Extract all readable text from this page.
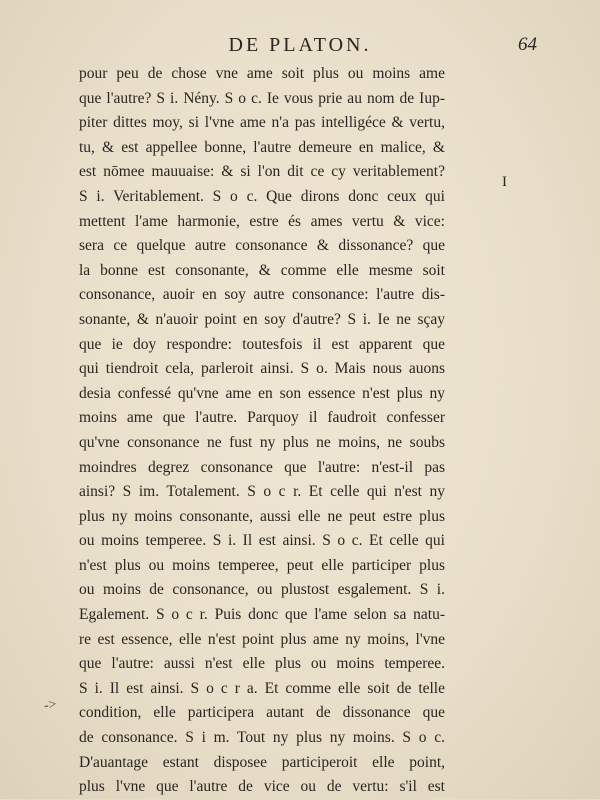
DE PLATON.	64
pour peu de chose vne ame soit plus ou moins ame
que l'autre? S i. Nény. S o c. Ie vous prie au nom de Iup-
piter dittes moy, si l'vne ame n'a pas intelligéce & vertu,
tu, & est appellee bonne, l'autre demeure en malice, &
est nōmee mauuaise: & si l'on dit ce cy veritablement?
S i. Veritablement. S o c. Que dirons donc ceux qui
mettent l'ame harmonie, estre és ames vertu & vice:
sera ce quelque autre consonance & dissonance? que
la bonne est consonante, & comme elle mesme soit
consonance, auoir en soy autre consonance: l'autre dis-
sonante, & n'auoir point en soy d'autre? S i. Ie ne sçay
que ie doy respondre: toutesfois il est apparent que
qui tiendroit cela, parleroit ainsi. S o. Mais nous auons
desia confessé qu'vne ame en son essence n'est plus ny
moins ame que l'autre. Parquoy il faudroit confesser
qu'vne consonance ne fust ny plus ne moins, ne soubs
moindres degrez consonance que l'autre: n'est-il pas
ainsi? S im. Totalement. S o c r. Et celle qui n'est ny
plus ny moins consonante, aussi elle ne peut estre plus
ou moins temperee. S i. Il est ainsi. S o c. Et celle qui
n'est plus ou moins temperee, peut elle participer plus
ou moins de consonance, ou plustost esgalement. S i.
Egalement. S o c r. Puis donc que l'ame selon sa natu-
re est essence, elle n'est point plus ame ny moins, l'vne
que l'autre: aussi n'est elle plus ou moins temperee.
S i. Il est ainsi. S o c r a. Et comme elle soit de telle
condition, elle participera autant de dissonance que
de consonance. S i m. Tout ny plus ny moins. S o c.
D'auantage estant disposee participeroit elle point,
plus l'vne que l'autre de vice ou de vertu: s'il est
I
->
